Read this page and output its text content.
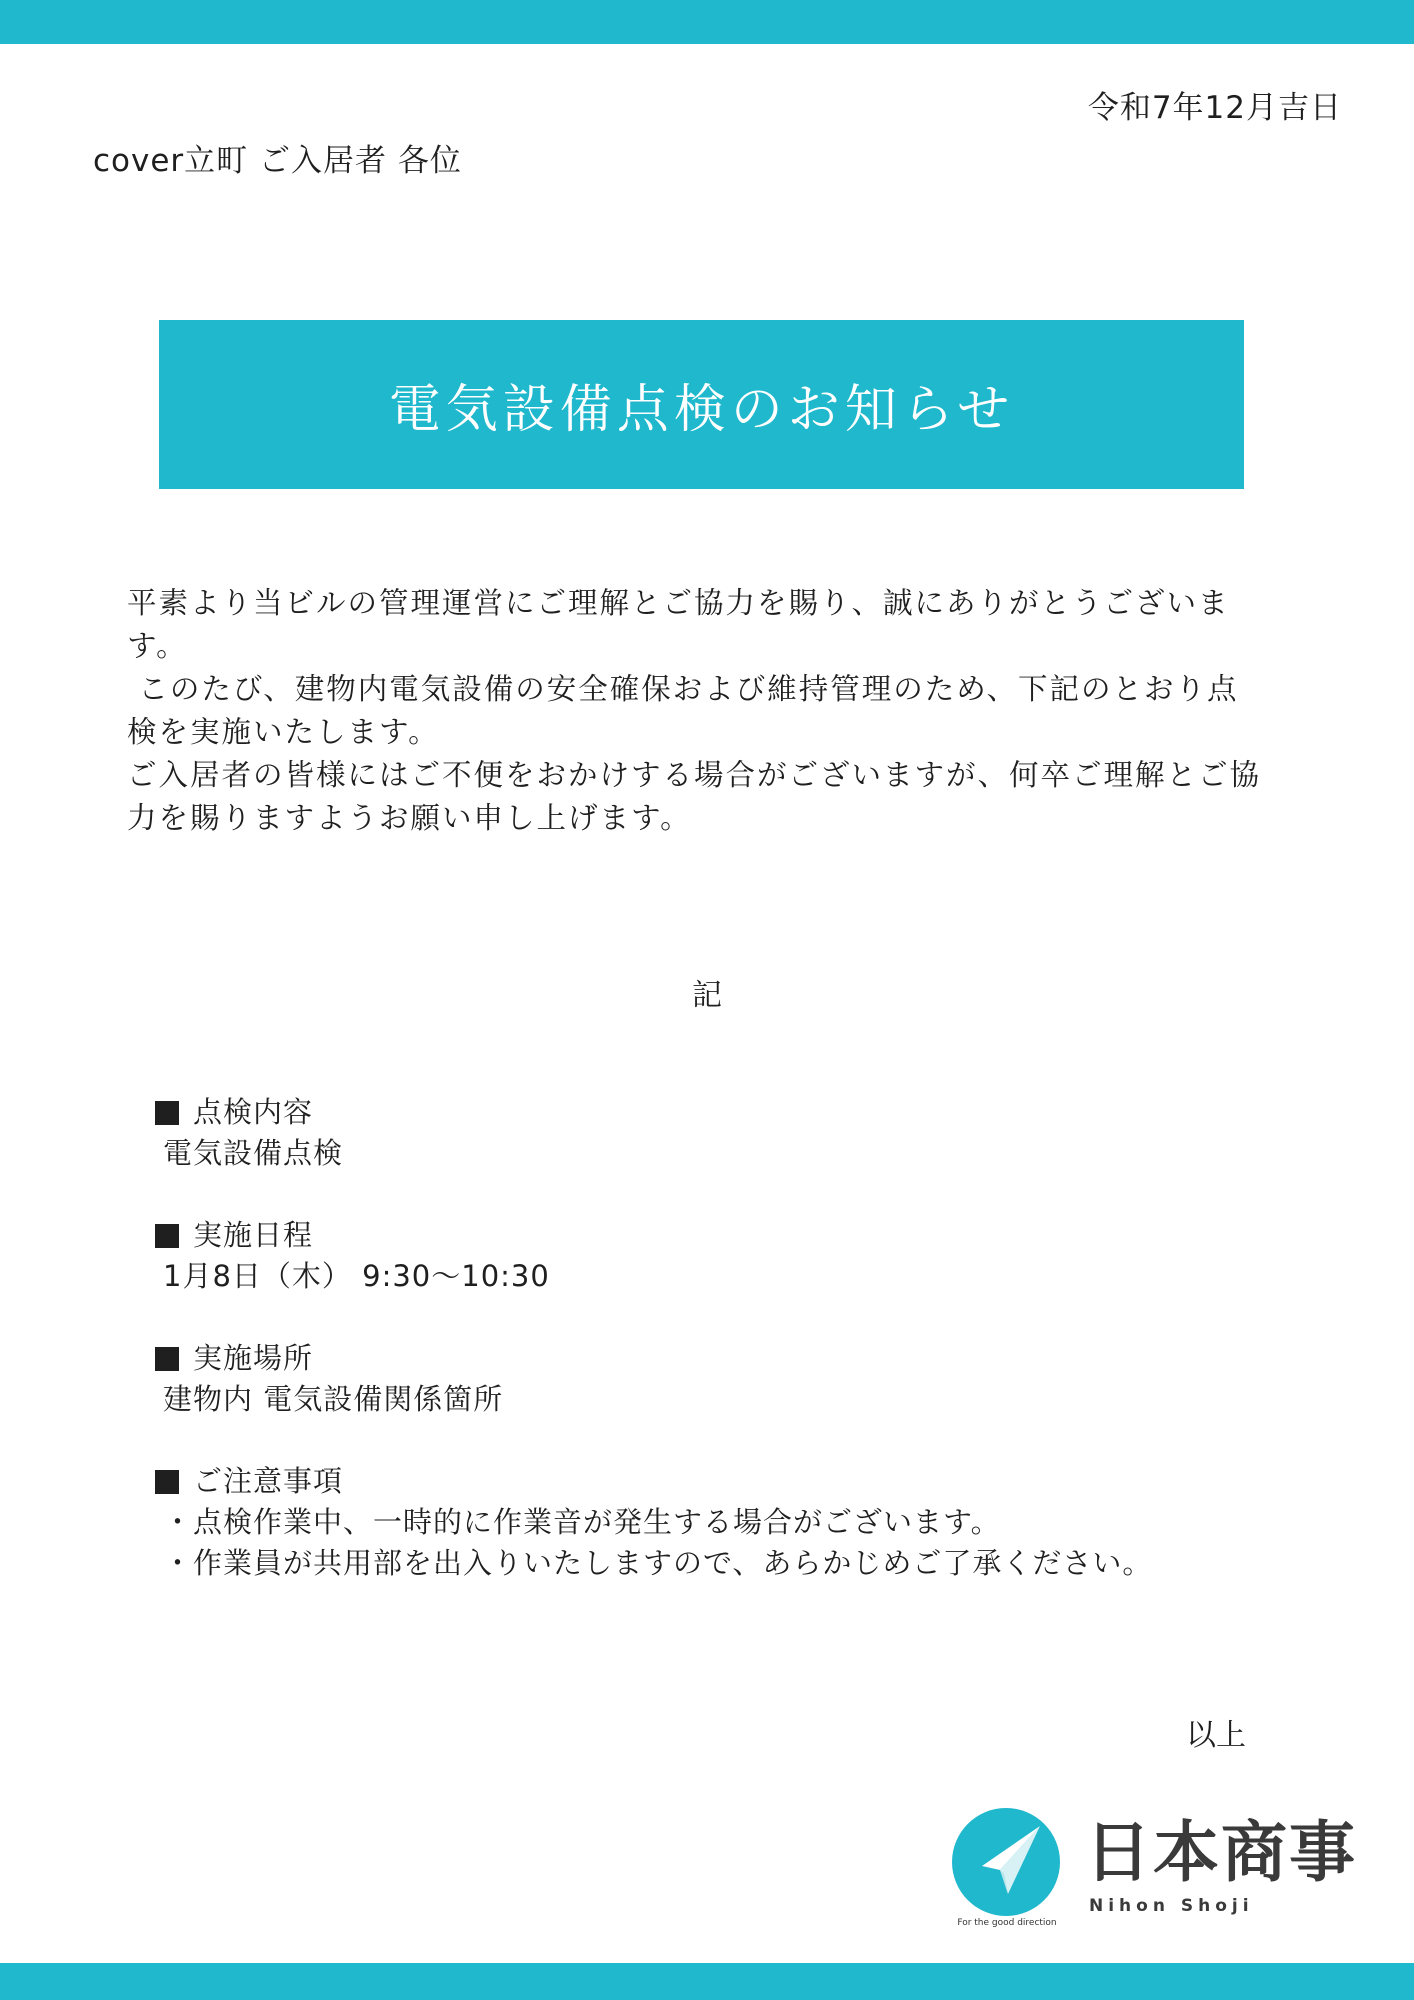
令和7年12月吉日
cover立町 ご入居者 各位
電気設備点検のお知らせ

平素より当ビルの管理運営にご理解とご協力を賜り、誠にありがとうございま

す。

このたび、建物内電気設備の安全確保および維持管理のため、下記のとおり点

検を実施いたします。

ご入居者の皆様にはご不便をおかけする場合がございますが、何卒ご理解とご協

力を賜りますようお願い申し上げます。

記
点検内容
電気設備点検
実施日程
1月8日（木） 9:30〜10:30
実施場所
建物内 電気設備関係箇所
ご注意事項
・点検作業中、一時的に作業音が発生する場合がございます。
・作業員が共用部を出入りいたしますので、あらかじめご了承ください。
以上
For the good direction
日本商事
Nihon Shoji
